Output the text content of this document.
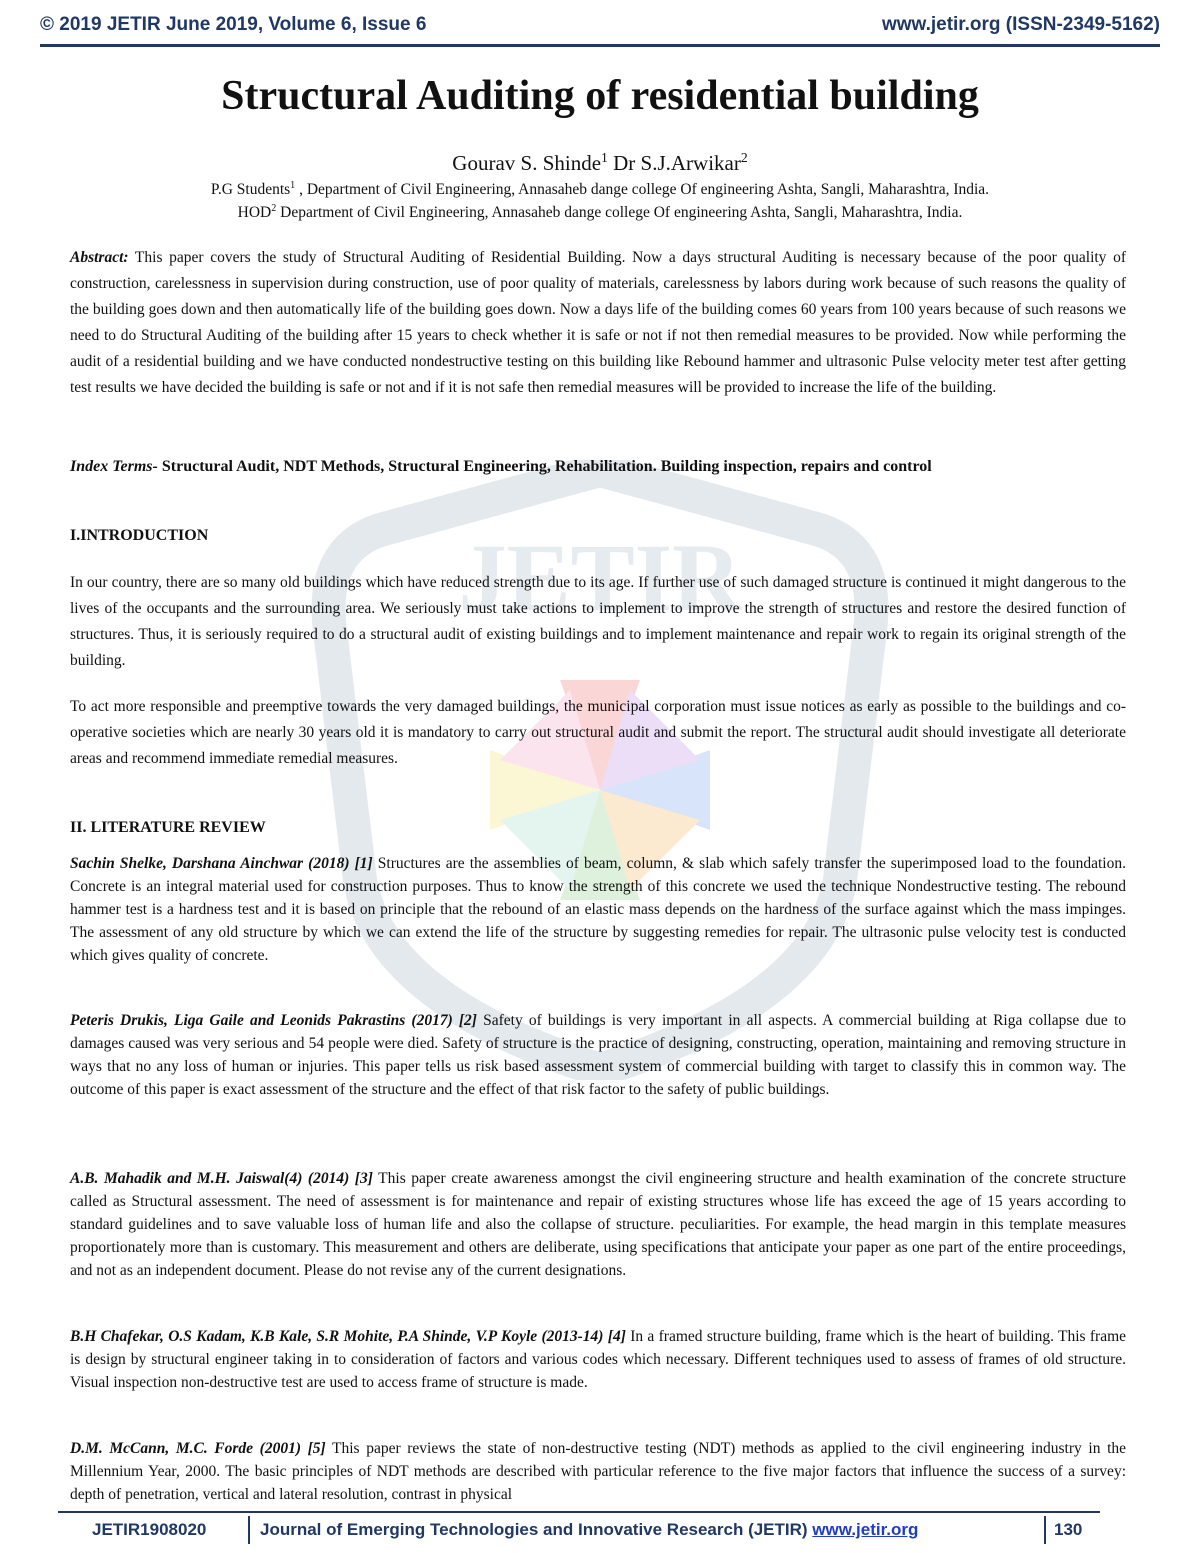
JETIR
© 2019 JETIR June 2019, Volume 6, Issue 6	www.jetir.org (ISSN-2349-5162)
Structural Auditing of residential building
Gourav S. Shinde$^1$ Dr S.J.Arwikar$^2$
P.G Students$^1$ , Department of Civil Engineering, Annasaheb dange college Of engineering Ashta, Sangli, Maharashtra, India.
HOD$^2$ Department of Civil Engineering, Annasaheb dange college Of engineering Ashta, Sangli, Maharashtra, India.

Abstract: This paper covers the study of Structural Auditing of Residential Building. Now a days structural Auditing is necessary because of the poor quality of construction, carelessness in supervision during construction, use of poor quality of materials, carelessness by labors during work because of such reasons the quality of the building goes down and then automatically life of the building goes down. Now a days life of the building comes 60 years from 100 years because of such reasons we need to do Structural Auditing of the building after 15 years to check whether it is safe or not if not then remedial measures to be provided. Now while performing the audit of a residential building and we have conducted nondestructive testing on this building like Rebound hammer and ultrasonic Pulse velocity meter test after getting test results we have decided the building is safe or not and if it is not safe then remedial measures will be provided to increase the life of the building.

Index Terms- Structural Audit, NDT Methods, Structural Engineering, Rehabilitation. Building inspection, repairs and control

I.INTRODUCTION

In our country, there are so many old buildings which have reduced strength due to its age. If further use of such damaged structure is continued it might dangerous to the lives of the occupants and the surrounding area. We seriously must take actions to implement to improve the strength of structures and restore the desired function of structures. Thus, it is seriously required to do a structural audit of existing buildings and to implement maintenance and repair work to regain its original strength of the building.

To act more responsible and preemptive towards the very damaged buildings, the municipal corporation must issue notices as early as possible to the buildings and co-operative societies which are nearly 30 years old it is mandatory to carry out structural audit and submit the report. The structural audit should investigate all deteriorate areas and recommend immediate remedial measures.

II. LITERATURE REVIEW

Sachin Shelke, Darshana Ainchwar (2018) [1] Structures are the assemblies of beam, column, & slab which safely transfer the superimposed load to the foundation. Concrete is an integral material used for construction purposes. Thus to know the strength of this concrete we used the technique Nondestructive testing. The rebound hammer test is a hardness test and it is based on principle that the rebound of an elastic mass depends on the hardness of the surface against which the mass impinges. The assessment of any old structure by which we can extend the life of the structure by suggesting remedies for repair. The ultrasonic pulse velocity test is conducted which gives quality of concrete.

Peteris Drukis, Liga Gaile and Leonids Pakrastins (2017) [2] Safety of buildings is very important in all aspects. A commercial building at Riga collapse due to damages caused was very serious and 54 people were died. Safety of structure is the practice of designing, constructing, operation, maintaining and removing structure in ways that no any loss of human or injuries. This paper tells us risk based assessment system of commercial building with target to classify this in common way. The outcome of this paper is exact assessment of the structure and the effect of that risk factor to the safety of public buildings.

A.B. Mahadik and M.H. Jaiswal(4) (2014) [3] This paper create awareness amongst the civil engineering structure and health examination of the concrete structure called as Structural assessment. The need of assessment is for maintenance and repair of existing structures whose life has exceed the age of 15 years according to standard guidelines and to save valuable loss of human life and also the collapse of structure. peculiarities. For example, the head margin in this template measures proportionately more than is customary. This measurement and others are deliberate, using specifications that anticipate your paper as one part of the entire proceedings, and not as an independent document. Please do not revise any of the current designations.

B.H Chafekar, O.S Kadam, K.B Kale, S.R Mohite, P.A Shinde, V.P Koyle (2013-14) [4] In a framed structure building, frame which is the heart of building. This frame is design by structural engineer taking in to consideration of factors and various codes which necessary. Different techniques used to assess of frames of old structure. Visual inspection non-destructive test are used to access frame of structure is made.

D.M. McCann, M.C. Forde (2001) [5] This paper reviews the state of non-destructive testing (NDT) methods as applied to the civil engineering industry in the Millennium Year, 2000. The basic principles of NDT methods are described with particular reference to the five major factors that influence the success of a survey: depth of penetration, vertical and lateral resolution, contrast in physical

JETIR1908020	Journal of Emerging Technologies and Innovative Research (JETIR) www.jetir.org	130
